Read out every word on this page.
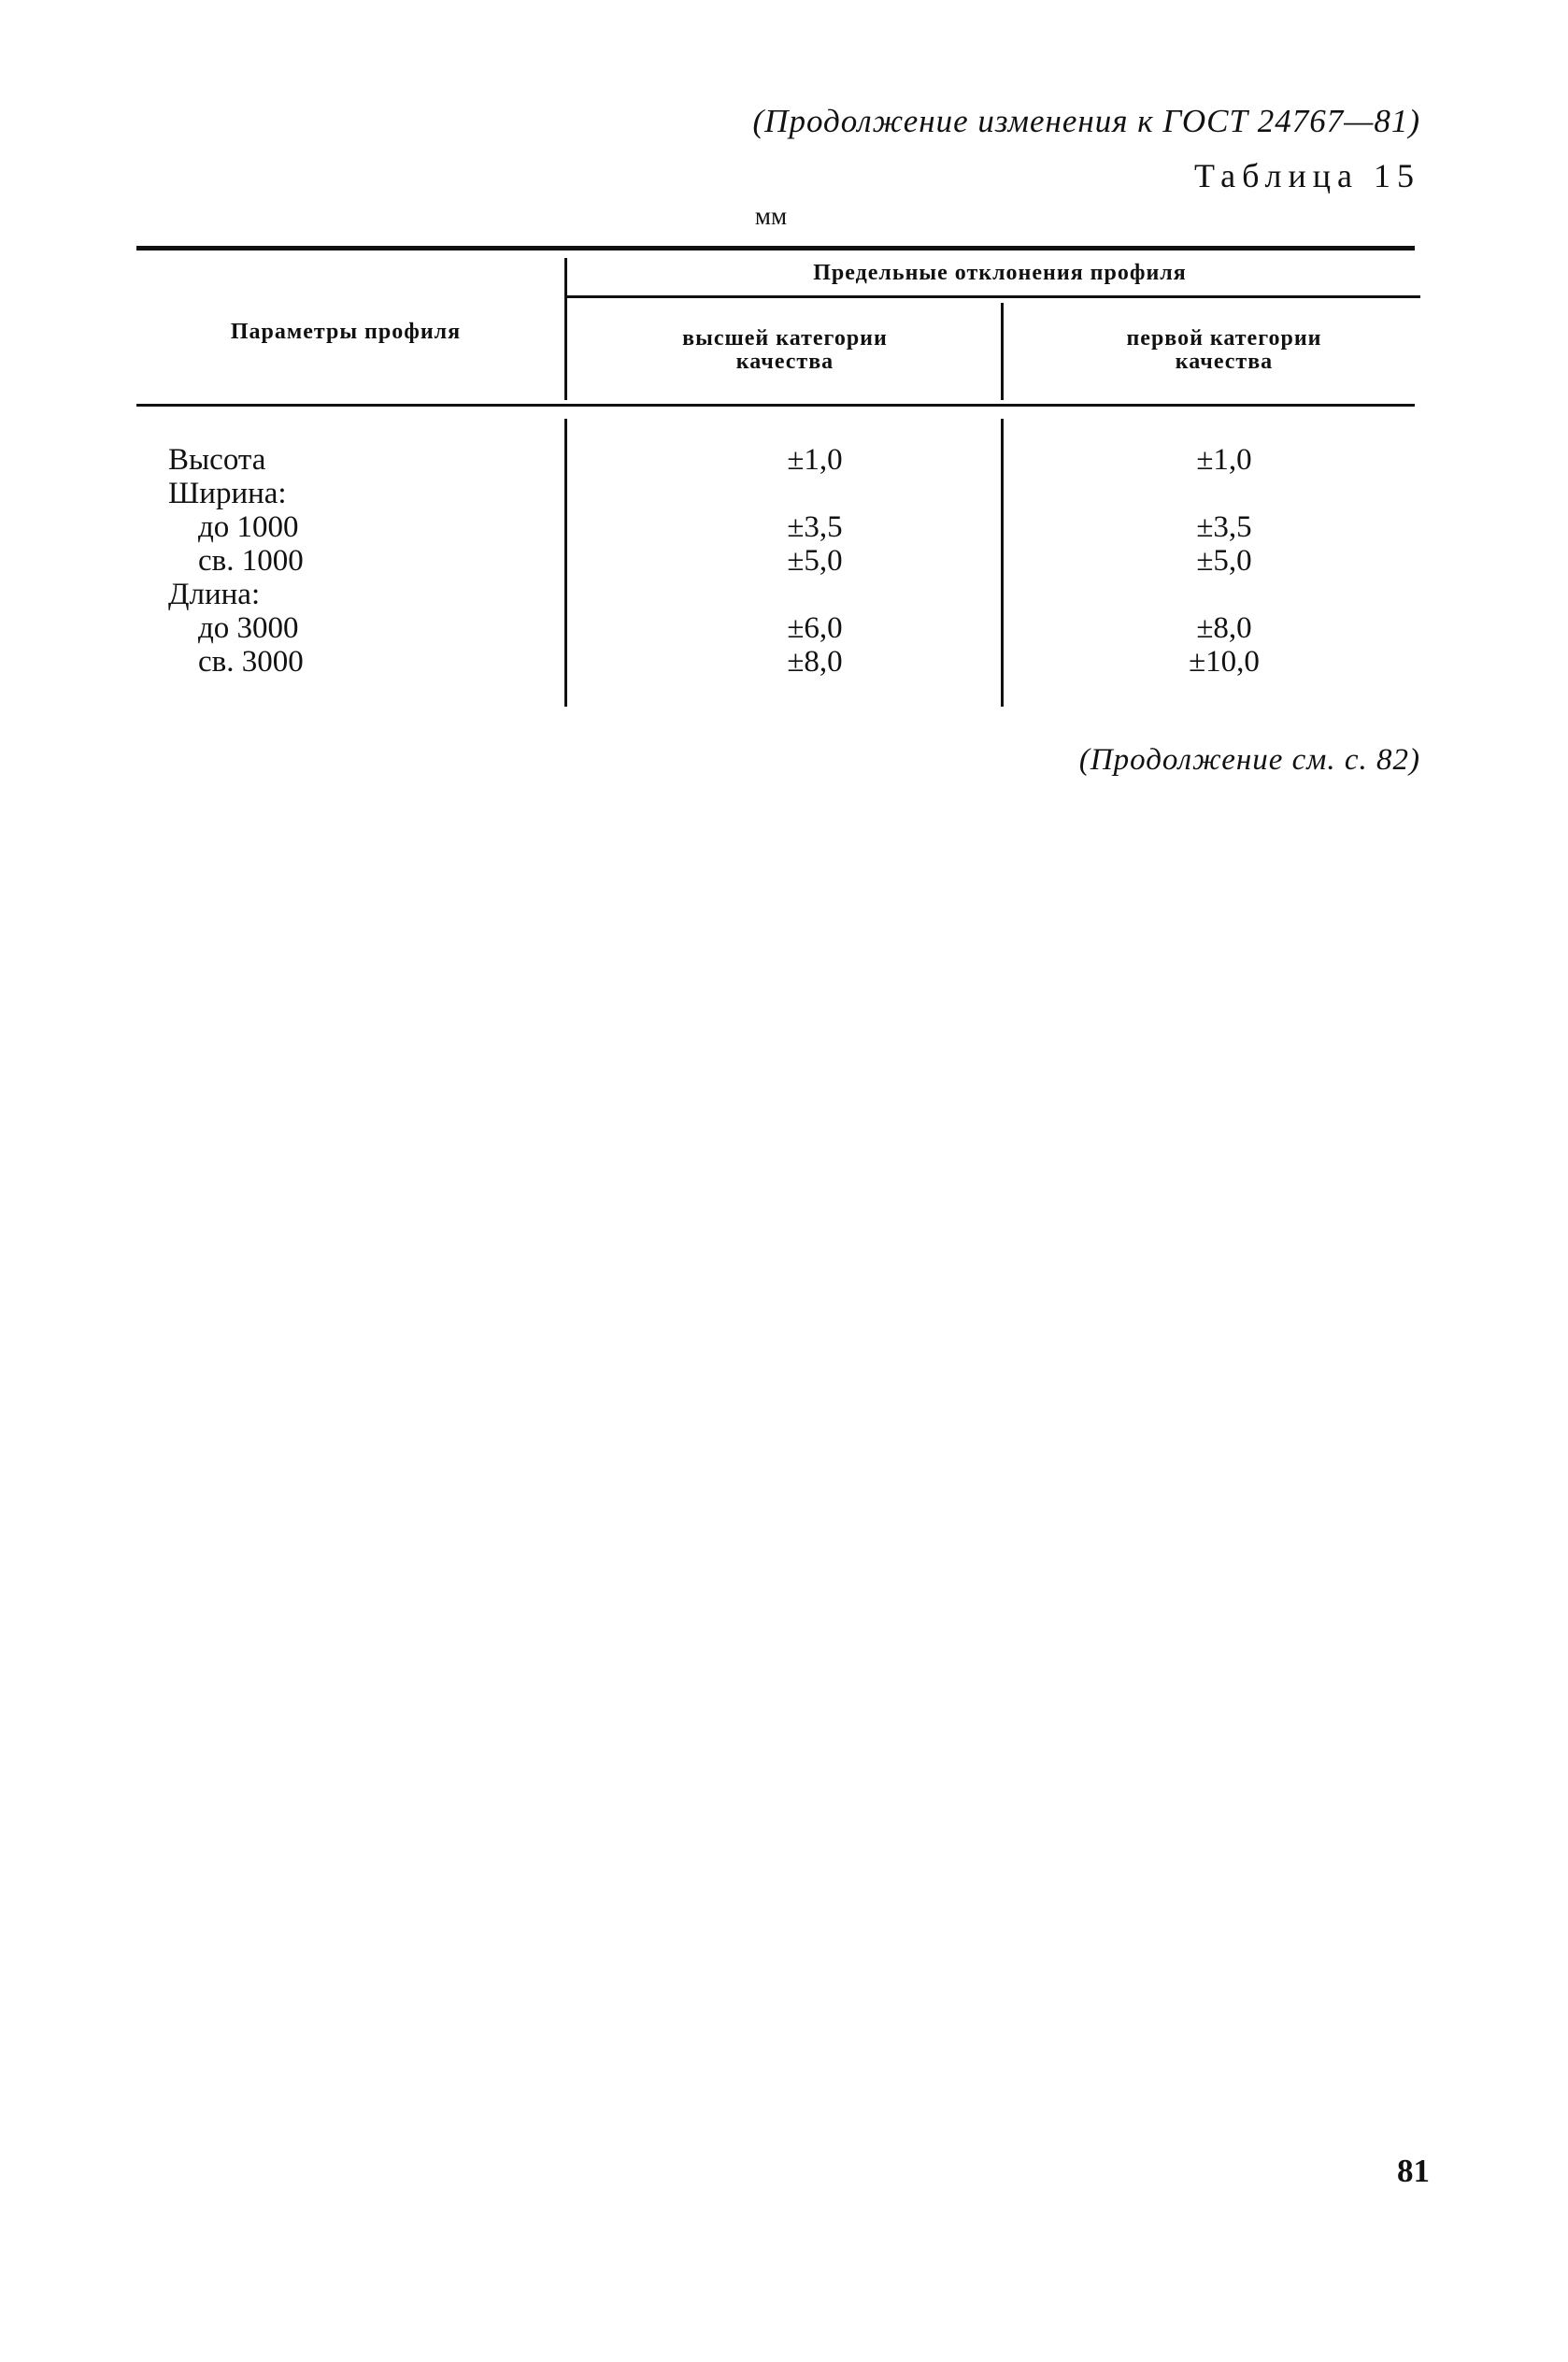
(Продолжение изменения к ГОСТ 24767—81)
Таблица 15
мм
Параметры профиля
Предельные отклонения профиля
высшей категории
качества
первой категории
качества
Высота	±1,0	±1,0
Ширина:
до 1000	±3,5	±3,5
св. 1000	±5,0	±5,0
Длина:
до 3000	±6,0	±8,0
св. 3000	±8,0	±10,0
(Продолжение см. с. 82)
81
